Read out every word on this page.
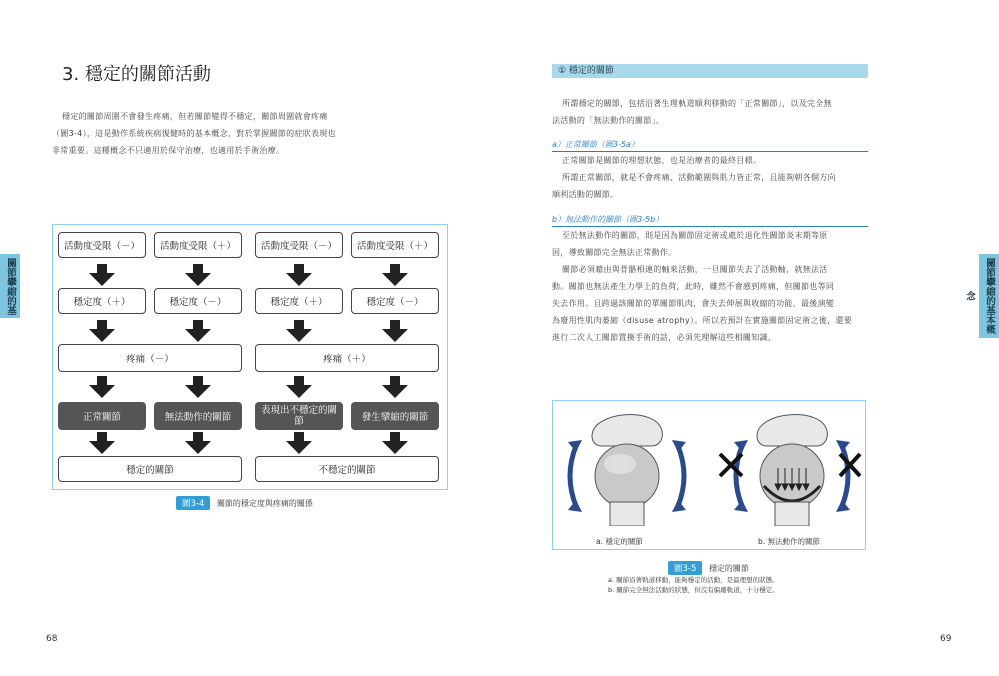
關節攣縮的基	關節攣縮的基本概念
3. 穩定的關節活動
穩定的關節周圍不會發生疼痛，但若關節變得不穩定，關節周圍就會疼痛
（圖3-4），這是動作系統疾病復健時的基本概念，對於掌握關節的症狀表現也
非常重要。這種概念不只適用於保守治療，也適用於手術治療。
活動度受限（－）	活動度受限（＋）	活動度受限（－）	活動度受限（＋）
穩定度（＋）	穩定度（－）	穩定度（＋）	穩定度（－）
疼痛（－）	疼痛（＋）
正常關節	無法動作的關節
表現出不穩定的關節	發生攣縮的關節
穩定的關節	不穩定的關節
圖3-4 關節的穩定度與疼痛的關係
68
① 穩定的關節
所謂穩定的關節，包括沿著生理軌道順利移動的「正常關節」，以及完全無
法活動的「無法動作的關節」。
a）正常關節（圖3-5a）
正常關節是關節的理想狀態，也是治療者的最終目標。
所謂正常關節，就是不會疼痛、活動範圍與肌力皆正常，且能夠朝各個方向
順利活動的關節。
b）無法動作的關節（圖3-5b）
至於無法動作的關節，則是因為關節固定術或處於退化性關節炎末期等原
因，導致關節完全無法正常動作。
關節必須藉由與骨骼相連的軸來活動，一旦關節失去了活動軸，就無法活
動。關節也無法產生力學上的負荷，此時，雖然不會感到疼痛，但關節也等同
失去作用。且跨過該關節的單關節肌肉，會失去伸展與收縮的功能，最後演變
為廢用性肌肉萎縮（disuse atrophy）。所以若預計在實施關節固定術之後，還要
進行二次人工關節置換手術的話，必須先理解這些相關知識。
a. 穩定的關節	b. 無法動作的關節
圖3-5 穩定的關節
a. 關節沿著軌道移動，能夠穩定的活動，是最理想的狀態。
b. 關節完全無法活動的狀態，但沒有偏離軌道，十分穩定。
69
